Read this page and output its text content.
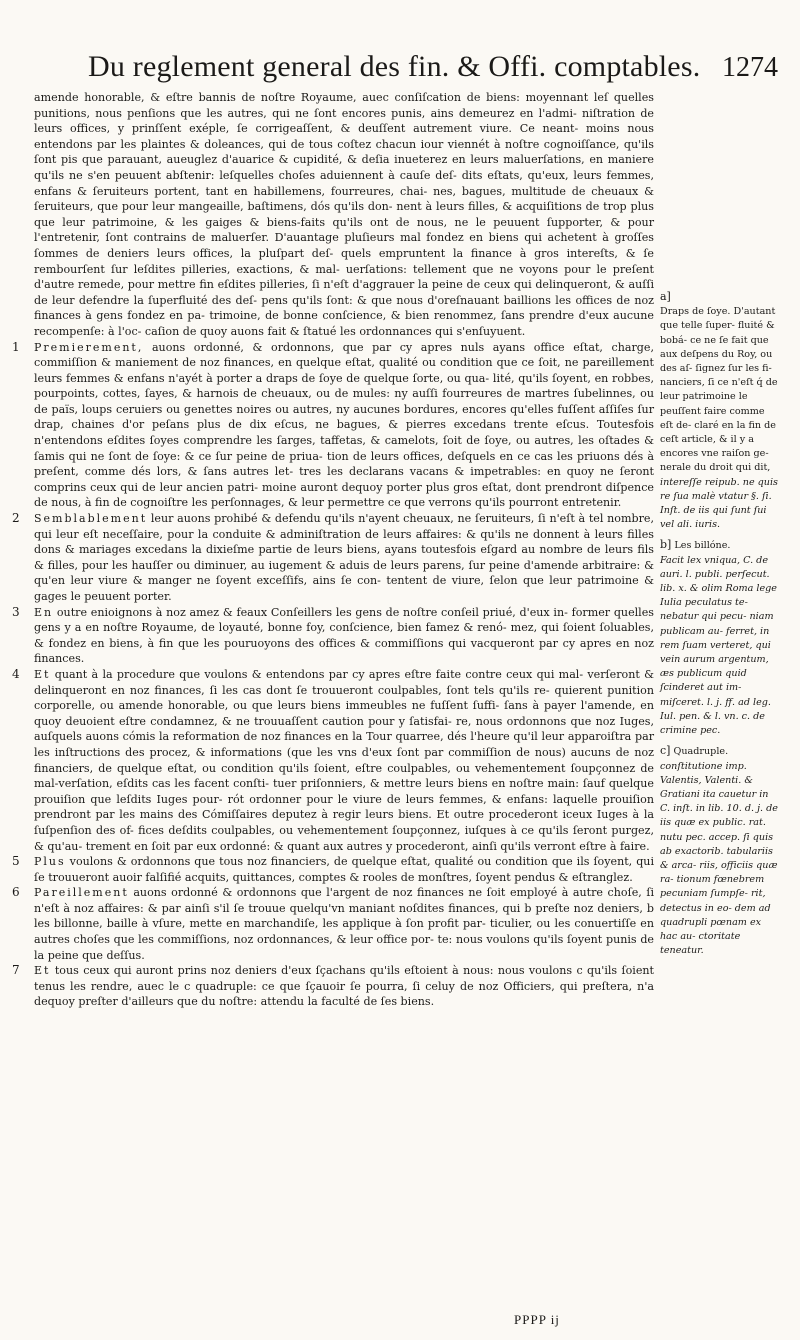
Du reglement general des fin. & Offi. comptables. 1274

amende honorable, & eſtre bannis de noſtre Royaume, auec conſiſcation de biens: moyennant leſ quelles punitions, nous penſions que les autres, qui ne ſont encores punis, ains demeurez en l'admi- niſtration de leurs offices, y prinſſent exéple, ſe corrigeaſſent, & deuſſent autrement viure. Ce neant- moins nous entendons par les plaintes & doleances, qui de tous coſtez chacun iour viennét à noſtre cognoiſſance, qu'ils ſont pis que parauant, aueuglez d'auarice & cupidité, & deſia inueterez en leurs maluerſations, en maniere qu'ils ne s'en peuuent abſtenir: leſquelles choſes aduiennent à cauſe deſ- dits eſtats, qu'eux, leurs femmes, enfans & ſeruiteurs portent, tant en habillemens, fourreures, chai- nes, bagues, multitude de cheuaux & ſeruiteurs, que pour leur mangeaille, baſtimens, dós qu'ils don- nent à leurs filles, & acquiſitions de trop plus que leur patrimoine, & les gaiges & biens-faits qu'ils ont de nous, ne le peuuent ſupporter, & pour l'entretenir, ſont contrains de maluerſer. D'auantage pluſieurs mal fondez en biens qui achetent à groſſes ſommes de deniers leurs offices, la pluſpart deſ- quels empruntent la finance à gros intereſts, & ſe rembourſent ſur leſdites pilleries, exactions, & mal- uerſations: tellement que ne voyons pour le preſent d'autre remede, pour mettre fin eſdites pilleries, ſi n'eſt d'aggrauer la peine de ceux qui delinqueront, & auſſi de leur defendre la ſuperfluité des deſ- pens qu'ils ſont: & que nous d'oreſnauant baillions les offices de noz finances à gens fondez en pa- trimoine, de bonne conſcience, & bien renommez, ſans prendre d'eux aucune recompenſe: à l'oc- caſion de quoy auons fait & ſtatué les ordonnances qui s'enſuyuent.

1 Premierement, auons ordonné, & ordonnons, que par cy apres nuls ayans office eſtat, charge, commiſſion & maniement de noz finances, en quelque eſtat, qualité ou condition que ce ſoit, ne pareillement leurs femmes & enfans n'ayét à porter a draps de ſoye de quelque ſorte, ou qua- lité, qu'ils ſoyent, en robbes, pourpoints, cottes, ſayes, & harnois de cheuaux, ou de mules: ny auſſi fourreures de martres ſubelinnes, ou de païs, loups ceruiers ou genettes noires ou autres, ny aucunes bordures, encores qu'elles fuſſent aſſiſes ſur drap, chaines d'or peſans plus de dix eſcus, ne bagues, & pierres excedans trente eſcus. Toutesfois n'entendons eſdites ſoyes comprendre les ſarges, taffetas, & camelots, ſoit de ſoye, ou autres, les oſtades & ſamis qui ne ſont de ſoye: & ce ſur peine de priua- tion de leurs offices, deſquels en ce cas les priuons dés à preſent, comme dés lors, & ſans autres let- tres les declarans vacans & impetrables: en quoy ne ſeront comprins ceux qui de leur ancien patri- moine auront dequoy porter plus gros eſtat, dont prendront diſpence de nous, à fin de cognoiſtre les perſonnages, & leur permettre ce que verrons qu'ils pourront entretenir.

2 Semblablement leur auons prohibé & defendu qu'ils n'ayent cheuaux, ne ſeruiteurs, ſi n'eſt à tel nombre, qui leur eſt neceſſaire, pour la conduite & adminiſtration de leurs affaires: & qu'ils ne donnent à leurs filles dons & mariages excedans la dixieſme partie de leurs biens, ayans toutesfois eſgard au nombre de leurs fils & filles, pour les hauſſer ou diminuer, au iugement & aduis de leurs parens, ſur peine d'amende arbitraire: & qu'en leur viure & manger ne ſoyent exceſſifs, ains ſe con- tentent de viure, ſelon que leur patrimoine & gages le peuuent porter.

3 En outre enioignons à noz amez & feaux Conſeillers les gens de noſtre conſeil priué, d'eux in- former quelles gens y a en noſtre Royaume, de loyauté, bonne foy, conſcience, bien famez & renó- mez, qui ſoient ſoluables, & fondez en biens, à fin que les pouruoyons des offices & commiſſions qui vacqueront par cy apres en noz finances.

4 Et quant à la procedure que voulons & entendons par cy apres eſtre faite contre ceux qui mal- verſeront & delinqueront en noz finances, ſi les cas dont ſe trouueront coulpables, ſont tels qu'ils re- quierent punition corporelle, ou amende honorable, ou que leurs biens immeubles ne fuſſent ſuffi- ſans à payer l'amende, en quoy deuoient eſtre condamnez, & ne trouuaſſent caution pour y ſatisfai- re, nous ordonnons que noz Iuges, auſquels auons cómis la reformation de noz finances en la Tour quarree, dés l'heure qu'il leur apparoiſtra par les inſtructions des procez, & informations (que les vns d'eux ſont par commiſſion de nous) aucuns de noz financiers, de quelque eſtat, ou condition qu'ils ſoient, eſtre coulpables, ou vehementement ſoupçonnez de mal-verſation, eſdits cas les facent conſti- tuer priſonniers, & mettre leurs biens en noſtre main: ſauf quelque prouiſion que leſdits Iuges pour- rót ordonner pour le viure de leurs femmes, & enfans: laquelle prouiſion prendront par les mains des Cómiſſaires deputez à regir leurs biens. Et outre procederont iceux Iuges à la ſuſpenſion des of- fices deſdits coulpables, ou vehementement ſoupçonnez, iuſques à ce qu'ils ſeront purgez, & qu'au- trement en ſoit par eux ordonné: & quant aux autres y procederont, ainſi qu'ils verront eſtre à faire.

5 Plus voulons & ordonnons que tous noz financiers, de quelque eſtat, qualité ou condition que ils ſoyent, qui ſe trouueront auoir falſifié acquits, quittances, comptes & rooles de monſtres, ſoyent pendus & eſtranglez.

6 Pareillement auons ordonné & ordonnons que l'argent de noz finances ne ſoit employé à autre choſe, ſi n'eſt à noz affaires: & par ainſi s'il ſe trouue quelqu'vn maniant noſdites finances, qui b preſte noz deniers, b les billonne, baille à vſure, mette en marchandiſe, les applique à ſon profit par- ticulier, ou les conuertiſſe en autres choſes que les commiſſions, noz ordonnances, & leur office por- te: nous voulons qu'ils ſoyent punis de la peine que deſſus.

7 Et tous ceux qui auront prins noz deniers d'eux ſçachans qu'ils eſtoient à nous: nous voulons c qu'ils ſoient tenus les rendre, auec le c quadruple: ce que ſçauoir ſe pourra, ſi celuy de noz Officiers, qui preſtera, n'a dequoy preſter d'ailleurs que du noſtre: attendu la faculté de ſes biens.

a]
Draps de ſoye. D'autant que telle ſuper- fluité & bobá- ce ne ſe fait que aux deſpens du Roy, ou des aſ- ſignez ſur les fi- nanciers, ſi ce n'eſt q́ de leur patrimoine le peuſſent faire comme eſt de- claré en la fin de ceſt article, & il y a encores vne raiſon ge- nerale du droit qui dit,
intereſſe reipub. ne quis re ſua malè vtatur §. ſi. Inſt. de iis qui ſunt ſui vel ali. iuris.
b] Les billóne.
Facit lex vniqua, C. de auri. l. publi. perſecut. lib. x. & olim Roma lege Iulia peculatus te- nebatur qui pecu- niam publicam au- ferret, in rem ſuam verteret, qui vein aurum argentum, æs publicum quid ſcinderet aut im- miſceret. l. j. ff. ad leg. Iul. pen. & l. vn. c. de crimine pec.
c] Quadruple.
conſtitutione imp. Valentis, Valenti. & Gratiani ita cauetur in C. inſt. in lib. 10. d. j. de iis quæ ex public. rat. nutu pec. accep. ſi quis ab exactorib. tabulariis & arca- riis, officiis quæ ra- tionum fœnebrem pecuniam ſumpſe- rit, detectus in eo- dem ad quadrupli pœnam ex hac au- ctoritate teneatur.
PPPP ij
